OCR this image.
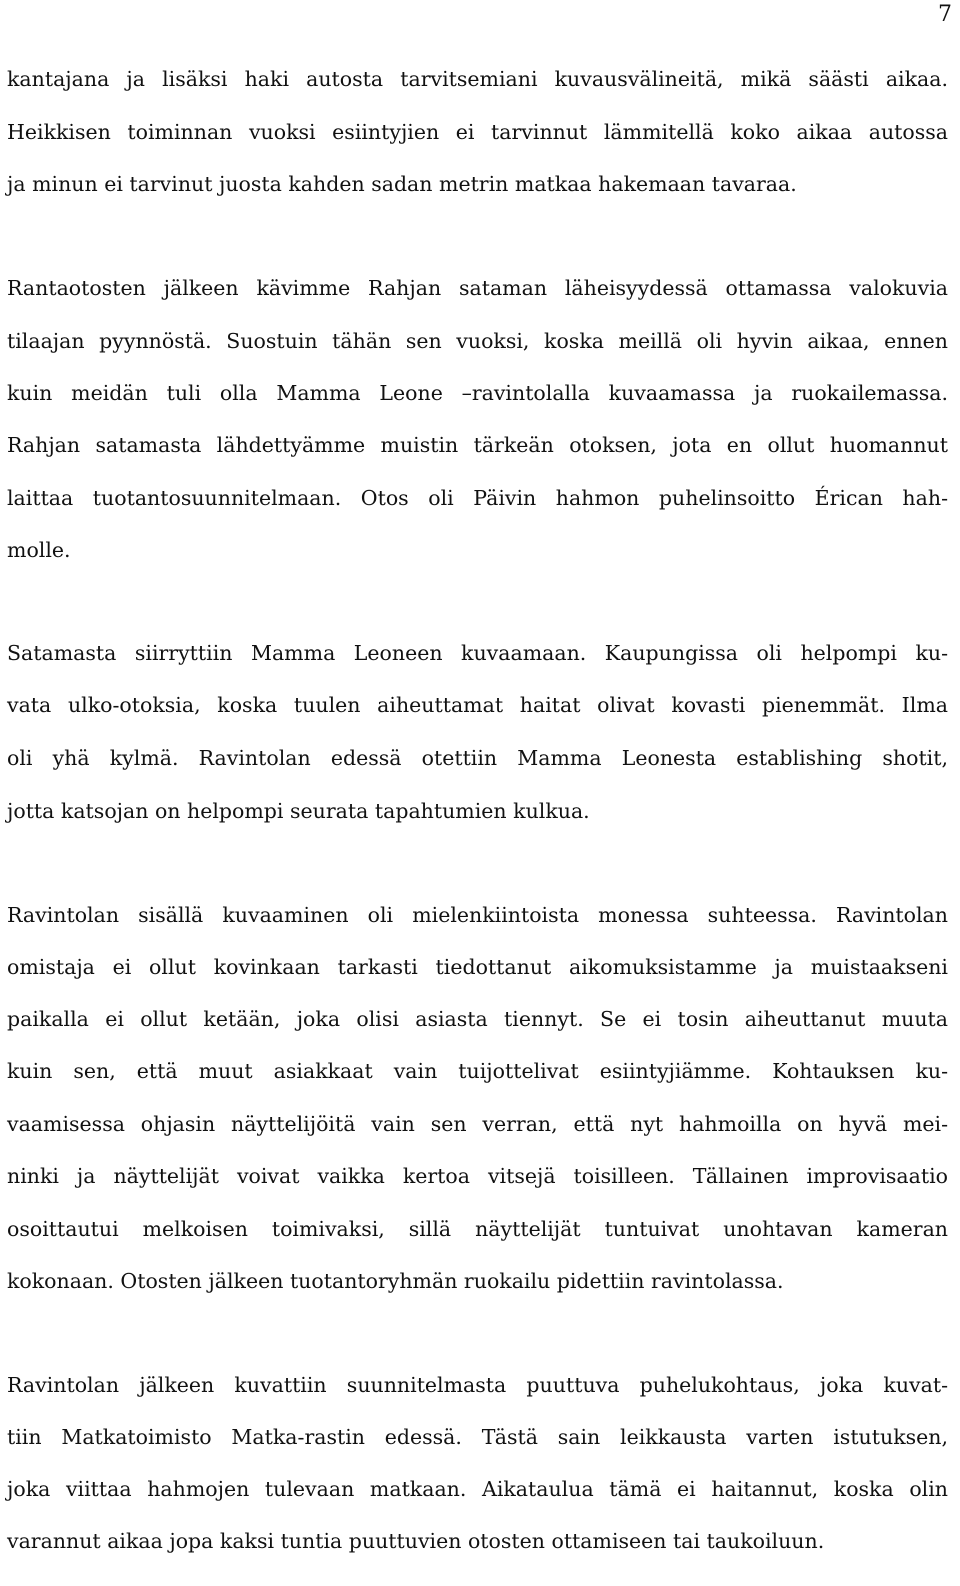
7
kantajana ja lisäksi haki autosta tarvitsemiani kuvausvälineitä, mikä säästi aikaa.
Heikkisen toiminnan vuoksi esiintyjien ei tarvinnut lämmitellä koko aikaa autossa
ja minun ei tarvinut juosta kahden sadan metrin matkaa hakemaan tavaraa.
Rantaotosten jälkeen kävimme Rahjan sataman läheisyydessä ottamassa valokuvia
tilaajan pyynnöstä. Suostuin tähän sen vuoksi, koska meillä oli hyvin aikaa, ennen
kuin meidän tuli olla Mamma Leone –ravintolalla kuvaamassa ja ruokailemassa.
Rahjan satamasta lähdettyämme muistin tärkeän otoksen, jota en ollut huomannut
laittaa tuotantosuunnitelmaan. Otos oli Päivin hahmon puhelinsoitto Érican hah-
molle.
Satamasta siirryttiin Mamma Leoneen kuvaamaan. Kaupungissa oli helpompi ku-
vata ulko-otoksia, koska tuulen aiheuttamat haitat olivat kovasti pienemmät. Ilma
oli yhä kylmä. Ravintolan edessä otettiin Mamma Leonesta establishing shotit,
jotta katsojan on helpompi seurata tapahtumien kulkua.
Ravintolan sisällä kuvaaminen oli mielenkiintoista monessa suhteessa. Ravintolan
omistaja ei ollut kovinkaan tarkasti tiedottanut aikomuksistamme ja muistaakseni
paikalla ei ollut ketään, joka olisi asiasta tiennyt. Se ei tosin aiheuttanut muuta
kuin sen, että muut asiakkaat vain tuijottelivat esiintyjiämme. Kohtauksen ku-
vaamisessa ohjasin näyttelijöitä vain sen verran, että nyt hahmoilla on hyvä mei-
ninki ja näyttelijät voivat vaikka kertoa vitsejä toisilleen. Tällainen improvisaatio
osoittautui melkoisen toimivaksi, sillä näyttelijät tuntuivat unohtavan kameran
kokonaan. Otosten jälkeen tuotantoryhmän ruokailu pidettiin ravintolassa.
Ravintolan jälkeen kuvattiin suunnitelmasta puuttuva puhelukohtaus, joka kuvat-
tiin Matkatoimisto Matka-rastin edessä. Tästä sain leikkausta varten istutuksen,
joka viittaa hahmojen tulevaan matkaan. Aikataulua tämä ei haitannut, koska olin
varannut aikaa jopa kaksi tuntia puuttuvien otosten ottamiseen tai taukoiluun.
